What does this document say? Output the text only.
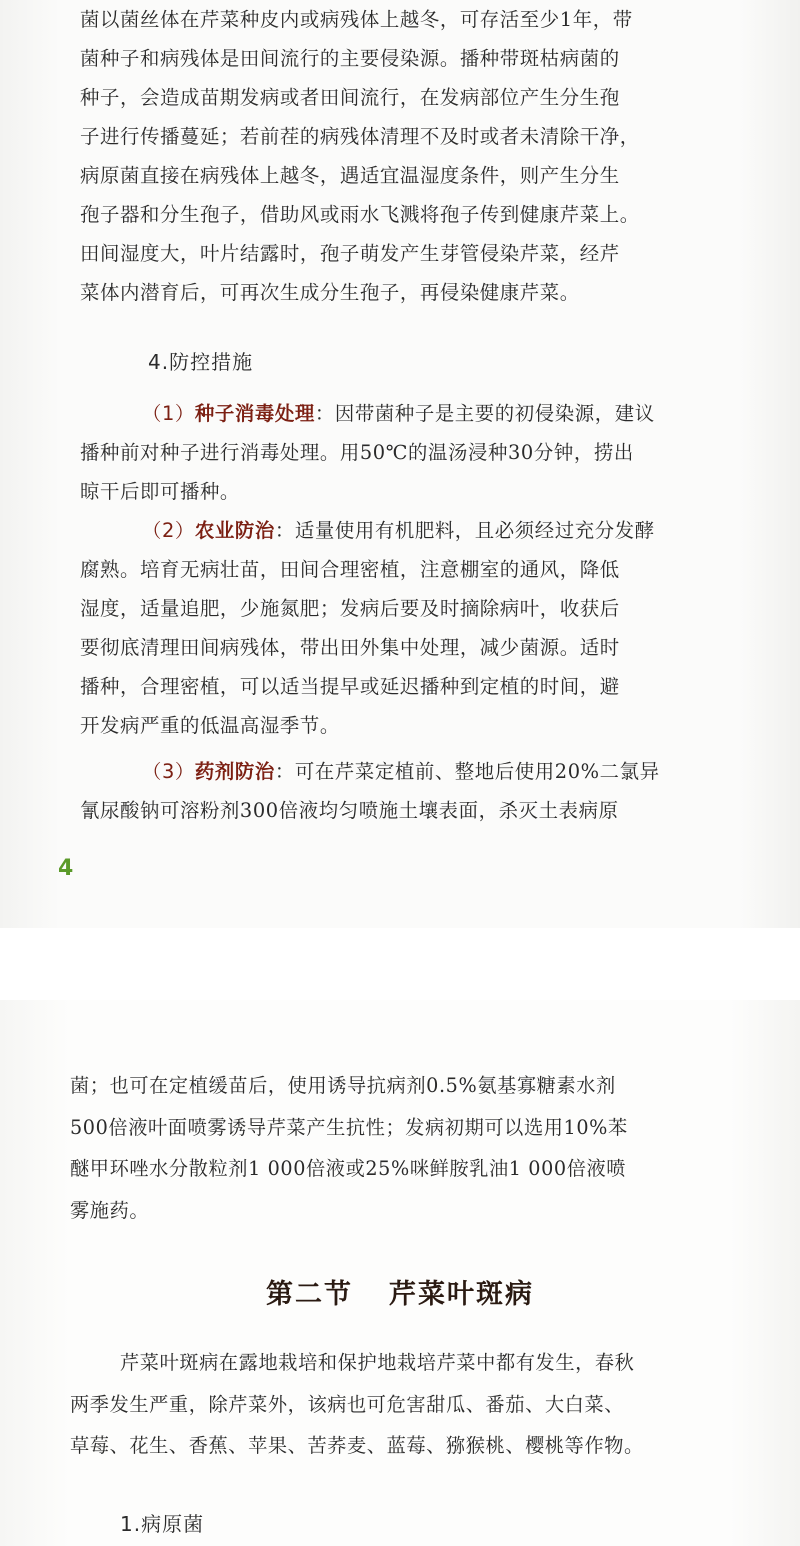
菌以菌丝体在芹菜种皮内或病残体上越冬，可存活至少1年，带
菌种子和病残体是田间流行的主要侵染源。播种带斑枯病菌的
种子，会造成苗期发病或者田间流行，在发病部位产生分生孢
子进行传播蔓延；若前茬的病残体清理不及时或者未清除干净，
病原菌直接在病残体上越冬，遇适宜温湿度条件，则产生分生
孢子器和分生孢子，借助风或雨水飞溅将孢子传到健康芹菜上。
田间湿度大，叶片结露时，孢子萌发产生芽管侵染芹菜，经芹
菜体内潜育后，可再次生成分生孢子，再侵染健康芹菜。
4.防控措施
（1）种子消毒处理：因带菌种子是主要的初侵染源，建议
播种前对种子进行消毒处理。用50℃的温汤浸种30分钟，捞出
晾干后即可播种。
（2）农业防治：适量使用有机肥料，且必须经过充分发酵
腐熟。培育无病壮苗，田间合理密植，注意棚室的通风，降低
湿度，适量追肥，少施氮肥；发病后要及时摘除病叶，收获后
要彻底清理田间病残体，带出田外集中处理，减少菌源。适时
播种，合理密植，可以适当提早或延迟播种到定植的时间，避
开发病严重的低温高湿季节。
（3）药剂防治：可在芹菜定植前、整地后使用20%二氯异
氰尿酸钠可溶粉剂300倍液均匀喷施土壤表面，杀灭土表病原
4
菌；也可在定植缓苗后，使用诱导抗病剂0.5%氨基寡糖素水剂
500倍液叶面喷雾诱导芹菜产生抗性；发病初期可以选用10%苯
醚甲环唑水分散粒剂1 000倍液或25%咪鲜胺乳油1 000倍液喷
雾施药。
第二节 芹菜叶斑病
芹菜叶斑病在露地栽培和保护地栽培芹菜中都有发生，春秋
两季发生严重，除芹菜外，该病也可危害甜瓜、番茄、大白菜、
草莓、花生、香蕉、苹果、苦荞麦、蓝莓、猕猴桃、樱桃等作物。
1.病原菌
